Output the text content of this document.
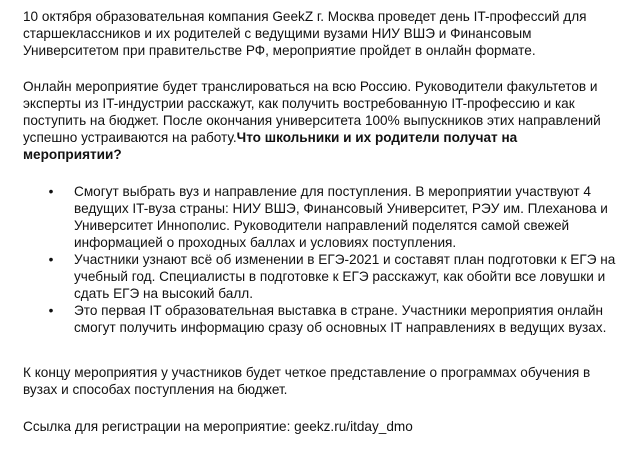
10 октября образовательная компания GeekZ г. Москва проведет день IT-профессий для старшеклассников и их родителей с ведущими вузами НИУ ВШЭ и Финансовым Университетом при правительстве РФ, мероприятие пройдет в онлайн формате.

Онлайн мероприятие будет транслироваться на всю Россию. Руководители факультетов и эксперты из IT-индустрии расскажут, как получить востребованную IT-профессию и как поступить на бюджет. После окончания университета 100% выпускников этих направлений успешно устраиваются на работу.Что школьники и их родители получат на мероприятии?

• Смогут выбрать вуз и направление для поступления. В мероприятии участвуют 4 ведущих IT-вуза страны: НИУ ВШЭ, Финансовый Университет, РЭУ им. Плеханова и Университет Иннополис. Руководители направлений поделятся самой свежей информацией о проходных баллах и условиях поступления.
• Участники узнают всё об изменении в ЕГЭ-2021 и составят план подготовки к ЕГЭ на учебный год. Специалисты в подготовке к ЕГЭ расскажут, как обойти все ловушки и сдать ЕГЭ на высокий балл.
• Это первая IT образовательная выставка в стране. Участники мероприятия онлайн смогут получить информацию сразу об основных IT направлениях в ведущих вузах.

К концу мероприятия у участников будет четкое представление о программах обучения в вузах и способах поступления на бюджет.

Ссылка для регистрации на мероприятие: geekz.ru/itday_dmo
